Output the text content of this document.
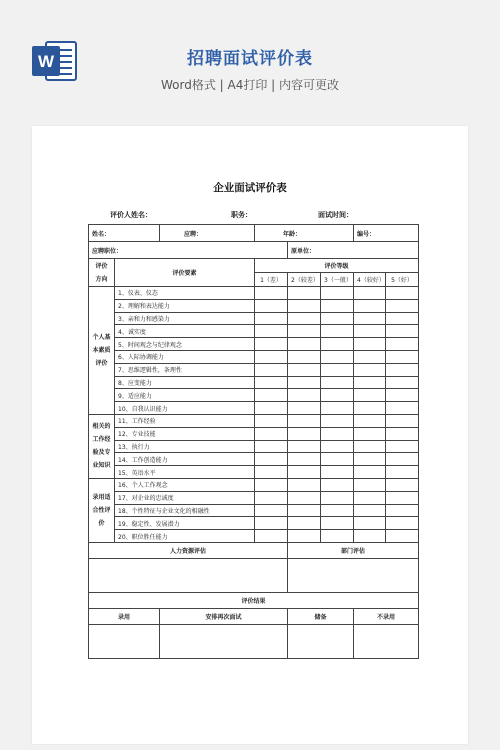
W	招聘面试评价表
Word格式 | A4打印 | 内容可更改
企业面试评价表
评价人姓名：	职务：	面试时间：
姓名：		应聘：	年龄：			编号：	
应聘职位：				原单位：			
评价方向	评价要素		评价等级				
			1（差）	2（较差）	3（一般）	4（较好）	5（好）
个人基本素质评价	1、仪表、仪态						
	2、理解和表达能力						
	3、亲和力和感染力						
	4、诚实度						
	5、时间观念与纪律观念						
	6、人际协调能力						
	7、思维逻辑性，条理性						
	8、应变能力						
	9、适应能力						
	10、自我认识能力						
相关的工作经验及专业知识	11、工作经验						
	12、专业技能						
	13、执行力						
	14、工作创造能力						
	15、英语水平						
录用适合性评价	16、个人工作观念						
	17、对企业的忠诚度						
	18、个性特征与企业文化的相融性						
	19、稳定性、发展潜力						
	20、职位胜任能力						
人力资源评估				部门评估			

评价结果							
录用		安排再次面试		储备		不录用	
